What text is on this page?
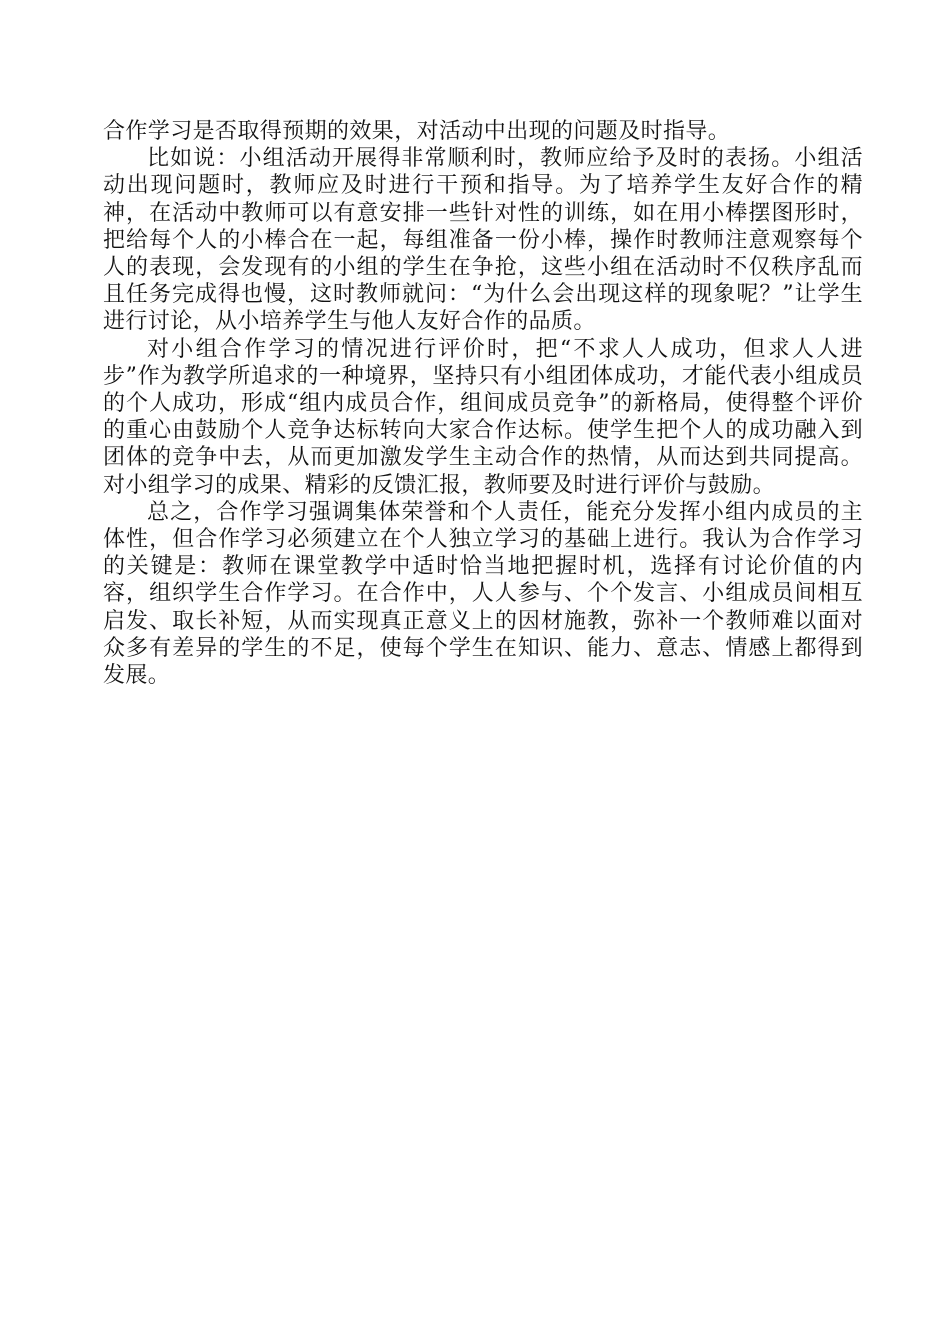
合作学习是否取得预期的效果，对活动中出现的问题及时指导。

比如说：小组活动开展得非常顺利时，教师应给予及时的表扬。小组活动出现问题时，教师应及时进行干预和指导。为了培养学生友好合作的精神，在活动中教师可以有意安排一些针对性的训练，如在用小棒摆图形时，把给每个人的小棒合在一起，每组准备一份小棒，操作时教师注意观察每个人的表现，会发现有的小组的学生在争抢，这些小组在活动时不仅秩序乱而且任务完成得也慢，这时教师就问：“为什么会出现这样的现象呢？”让学生进行讨论，从小培养学生与他人友好合作的品质。

对小组合作学习的情况进行评价时，把“不求人人成功，但求人人进步”作为教学所追求的一种境界，坚持只有小组团体成功，才能代表小组成员的个人成功，形成“组内成员合作，组间成员竞争”的新格局，使得整个评价的重心由鼓励个人竞争达标转向大家合作达标。使学生把个人的成功融入到团体的竞争中去，从而更加激发学生主动合作的热情，从而达到共同提高。对小组学习的成果、精彩的反馈汇报，教师要及时进行评价与鼓励。

总之，合作学习强调集体荣誉和个人责任，能充分发挥小组内成员的主体性，但合作学习必须建立在个人独立学习的基础上进行。我认为合作学习的关键是：教师在课堂教学中适时恰当地把握时机，选择有讨论价值的内容，组织学生合作学习。在合作中，人人参与、个个发言、小组成员间相互启发、取长补短，从而实现真正意义上的因材施教，弥补一个教师难以面对众多有差异的学生的不足，使每个学生在知识、能力、意志、情感上都得到发展。
